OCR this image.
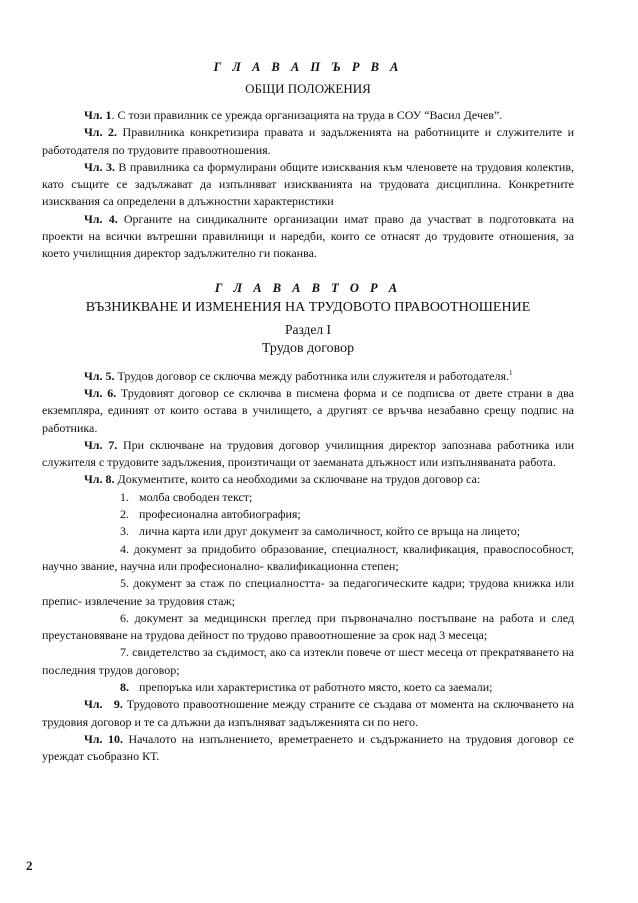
Г Л А В А П Ъ Р В А
ОБЩИ ПОЛОЖЕНИЯ

Чл. 1. С този правилник се урежда организацията на труда в СОУ “Васил Дечев”.

Чл. 2. Правилника конкретизира правата и задълженията на работниците и служителите и работодателя по трудовите правоотношения.

Чл. 3. В правилника са формулирани общите изисквания към членовете на трудовия колектив, като същите се задължават да изпълняват изискванията на трудовата дисциплина. Конкретните изисквания са определени в длъжностни характеристики

Чл. 4. Органите на синдикалните организации имат право да участват в подготовката на проекти на всички вътрешни правилници и наредби, които се отнасят до трудовите отношения, за което училищния директор задължително ги поканва.

Г Л А В А В Т О Р А
ВЪЗНИКВАНЕ И ИЗМЕНЕНИЯ НА ТРУДОВОТО ПРАВООТНОШЕНИЕ
Раздел I
Трудов договор

Чл. 5. Трудов договор се сключва между работника или служителя и работодателя.$^1$

Чл. 6. Трудовият договор се сключва в писмена форма и се подписва от двете страни в два екземпляра, единият от които остава в училището, а другият се връчва незабавно срещу подпис на работника.

Чл. 7. При сключване на трудовия договор училищния директор запознава работника или служителя с трудовите задължения, произтичащи от заеманата длъжност или изпълняваната работа.

Чл. 8. Документите, които са необходими за сключване на трудов договор са:

1. молба свободен текст;

2. професионална автобиография;

3. лична карта или друг документ за самоличност, който се връща на лицето;

4. документ за придобито образование, специалност, квалификация, правоспособност, научно звание, научна или професионално- квалификационна степен;

5. документ за стаж по специалността- за педагогическите кадри; трудова книжка или препис- извлечение за трудовия стаж;

6. документ за медицински преглед при първоначално постъпване на работа и след преустановяване на трудова дейност по трудово правоотношение за срок над 3 месеца;

7. свидетелство за съдимост, ако са изтекли повече от шест месеца от прекратяването на последния трудов договор;

8. препоръка или характеристика от работното място, което са заемали;

Чл.   9. Трудовото правоотношение между страните се създава от момента на сключването на трудовия договор и те са длъжни да изпълняват задълженията си по него.

Чл. 10. Началото на изпълнението, времетраенето и съдържанието на трудовия договор се уреждат съобразно КТ.

2
